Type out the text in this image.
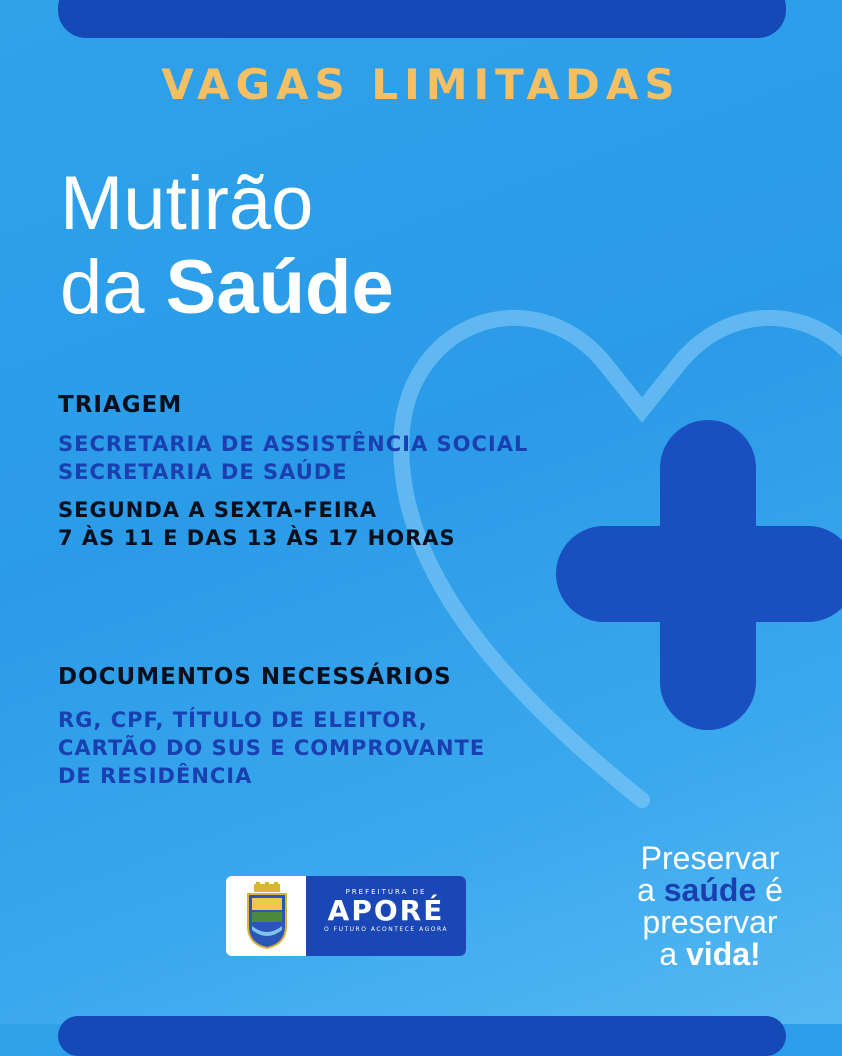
VAGAS LIMITADAS
Mutirão
da Saúde
TRIAGEM
SECRETARIA DE ASSISTÊNCIA SOCIAL
SECRETARIA DE SAÚDE
SEGUNDA A SEXTA-FEIRA
7 ÀS 11 E DAS 13 ÀS 17 HORAS
DOCUMENTOS NECESSÁRIOS
RG, CPF, TÍTULO DE ELEITOR,
CARTÃO DO SUS E COMPROVANTE
DE RESIDÊNCIA
PREFEITURA DE
APORÉ
O FUTURO ACONTECE AGORA
Preservar
a saúde é
preservar
a vida!
